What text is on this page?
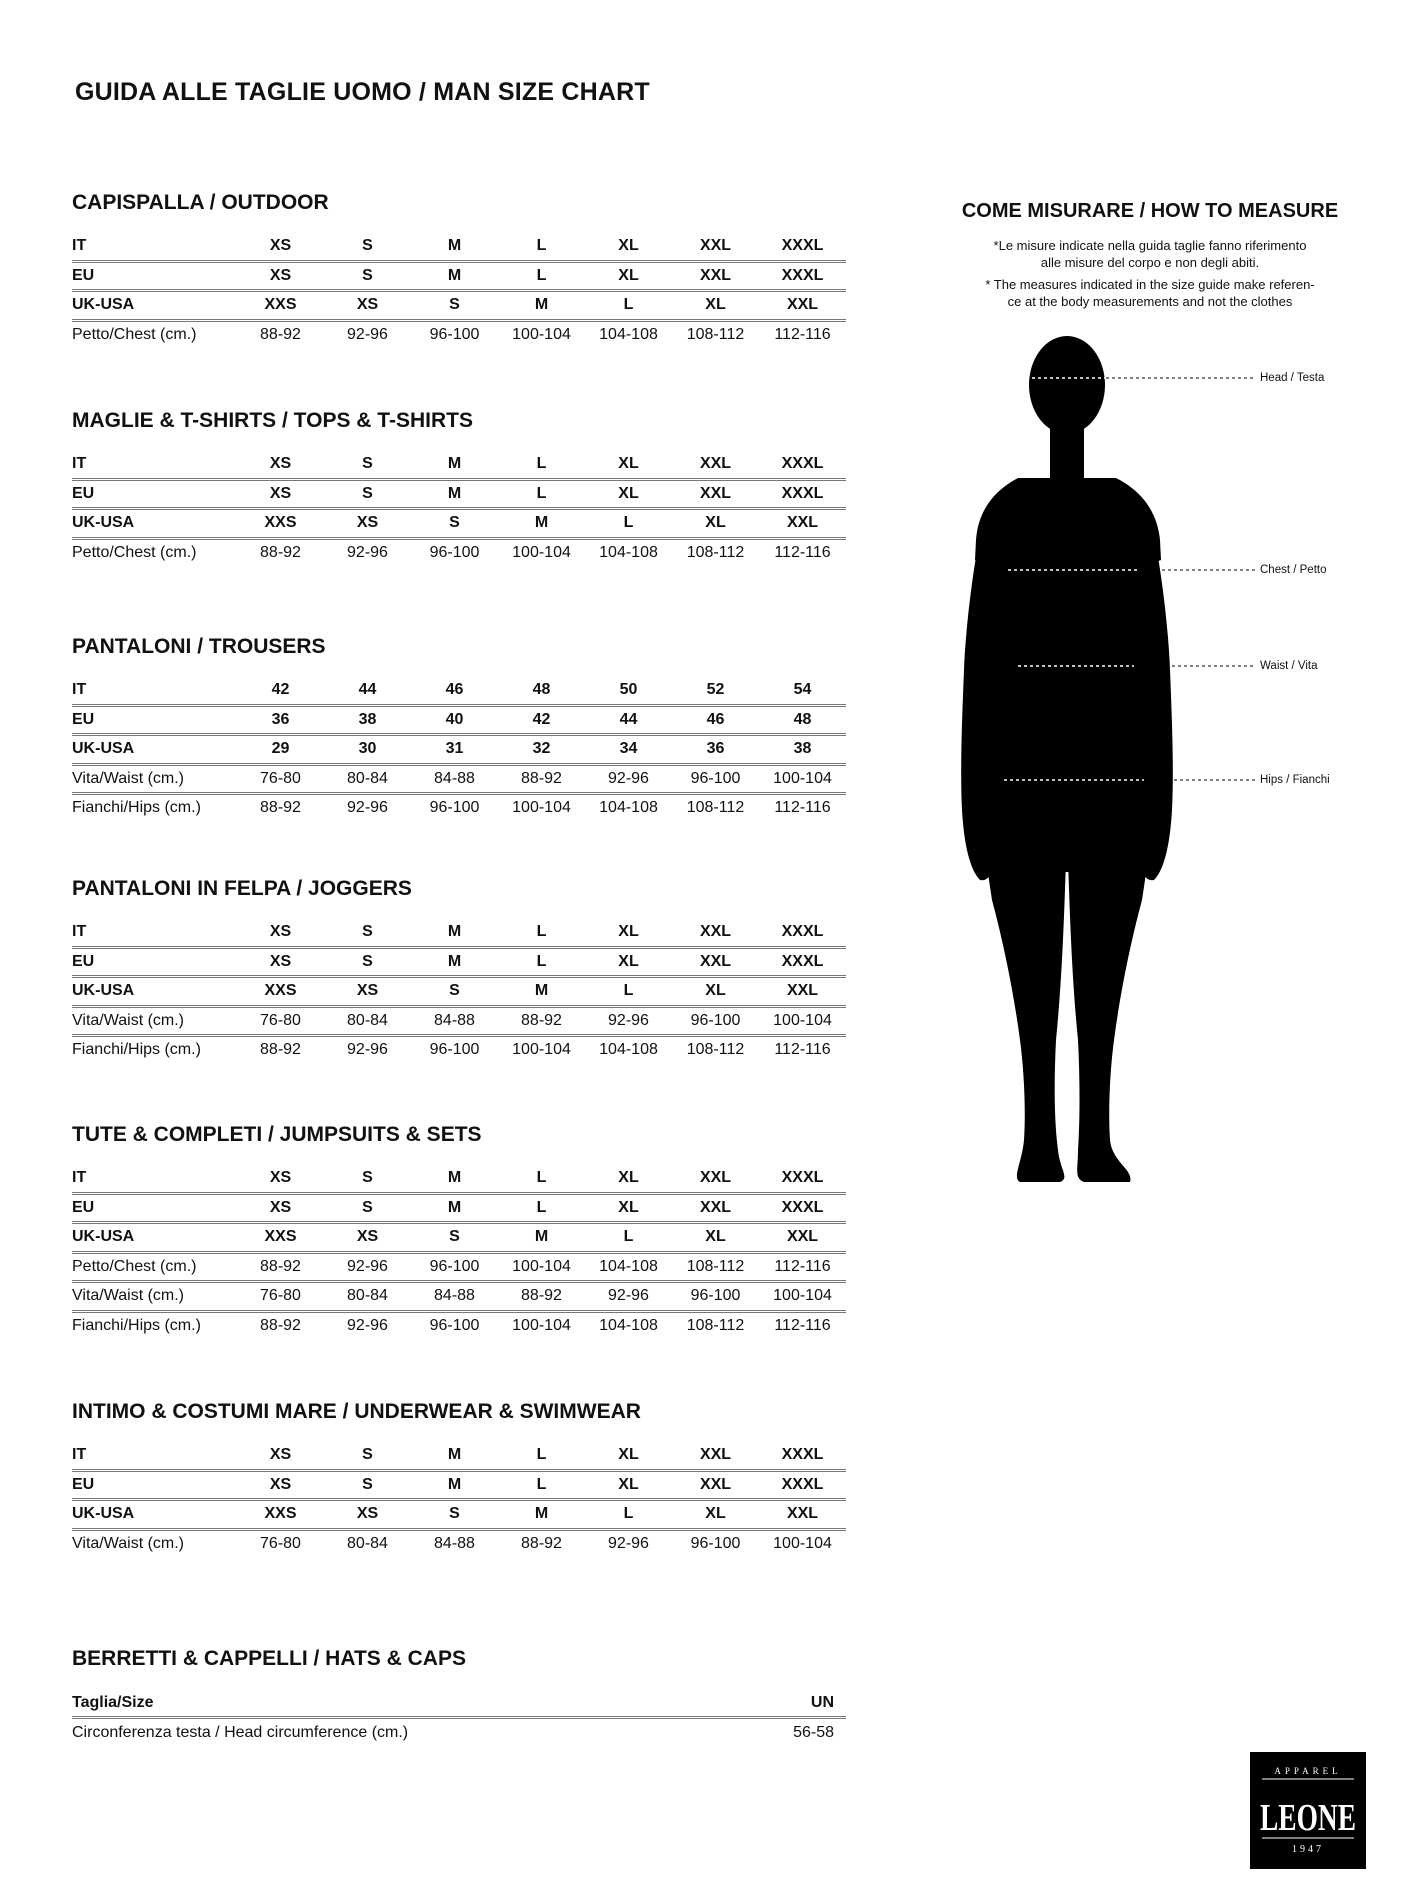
GUIDA ALLE TAGLIE UOMO / MAN SIZE CHART
CAPISPALLA / OUTDOOR
IT	XS	S	M	L	XL	XXL	XXXL
EU	XS	S	M	L	XL	XXL	XXXL
UK-USA	XXS	XS	S	M	L	XL	XXL
Petto/Chest (cm.)	88-92	92-96	96-100	100-104	104-108	108-112	112-116
MAGLIE & T-SHIRTS / TOPS & T-SHIRTS
IT	XS	S	M	L	XL	XXL	XXXL
EU	XS	S	M	L	XL	XXL	XXXL
UK-USA	XXS	XS	S	M	L	XL	XXL
Petto/Chest (cm.)	88-92	92-96	96-100	100-104	104-108	108-112	112-116
PANTALONI / TROUSERS
IT	42	44	46	48	50	52	54
EU	36	38	40	42	44	46	48
UK-USA	29	30	31	32	34	36	38
Vita/Waist (cm.)	76-80	80-84	84-88	88-92	92-96	96-100	100-104
Fianchi/Hips (cm.)	88-92	92-96	96-100	100-104	104-108	108-112	112-116
PANTALONI IN FELPA / JOGGERS
IT	XS	S	M	L	XL	XXL	XXXL
EU	XS	S	M	L	XL	XXL	XXXL
UK-USA	XXS	XS	S	M	L	XL	XXL
Vita/Waist (cm.)	76-80	80-84	84-88	88-92	92-96	96-100	100-104
Fianchi/Hips (cm.)	88-92	92-96	96-100	100-104	104-108	108-112	112-116
TUTE & COMPLETI / JUMPSUITS & SETS
IT	XS	S	M	L	XL	XXL	XXXL
EU	XS	S	M	L	XL	XXL	XXXL
UK-USA	XXS	XS	S	M	L	XL	XXL
Petto/Chest (cm.)	88-92	92-96	96-100	100-104	104-108	108-112	112-116
Vita/Waist (cm.)	76-80	80-84	84-88	88-92	92-96	96-100	100-104
Fianchi/Hips (cm.)	88-92	92-96	96-100	100-104	104-108	108-112	112-116
INTIMO & COSTUMI MARE / UNDERWEAR & SWIMWEAR
IT	XS	S	M	L	XL	XXL	XXXL
EU	XS	S	M	L	XL	XXL	XXXL
UK-USA	XXS	XS	S	M	L	XL	XXL
Vita/Waist (cm.)	76-80	80-84	84-88	88-92	92-96	96-100	100-104
BERRETTI & CAPPELLI / HATS & CAPS
Taglia/Size	UN
Circonferenza testa / Head circumference (cm.)	56-58
COME MISURARE / HOW TO MEASURE

*Le misure indicate nella guida taglie fanno riferimento
alle misure del corpo e non degli abiti.

* The measures indicated in the size guide make referen-
ce at the body measurements and not the clothes

Head / Testa
Chest / Petto
Waist / Vita
Hips / Fianchi
APPAREL
LEONE
1947
